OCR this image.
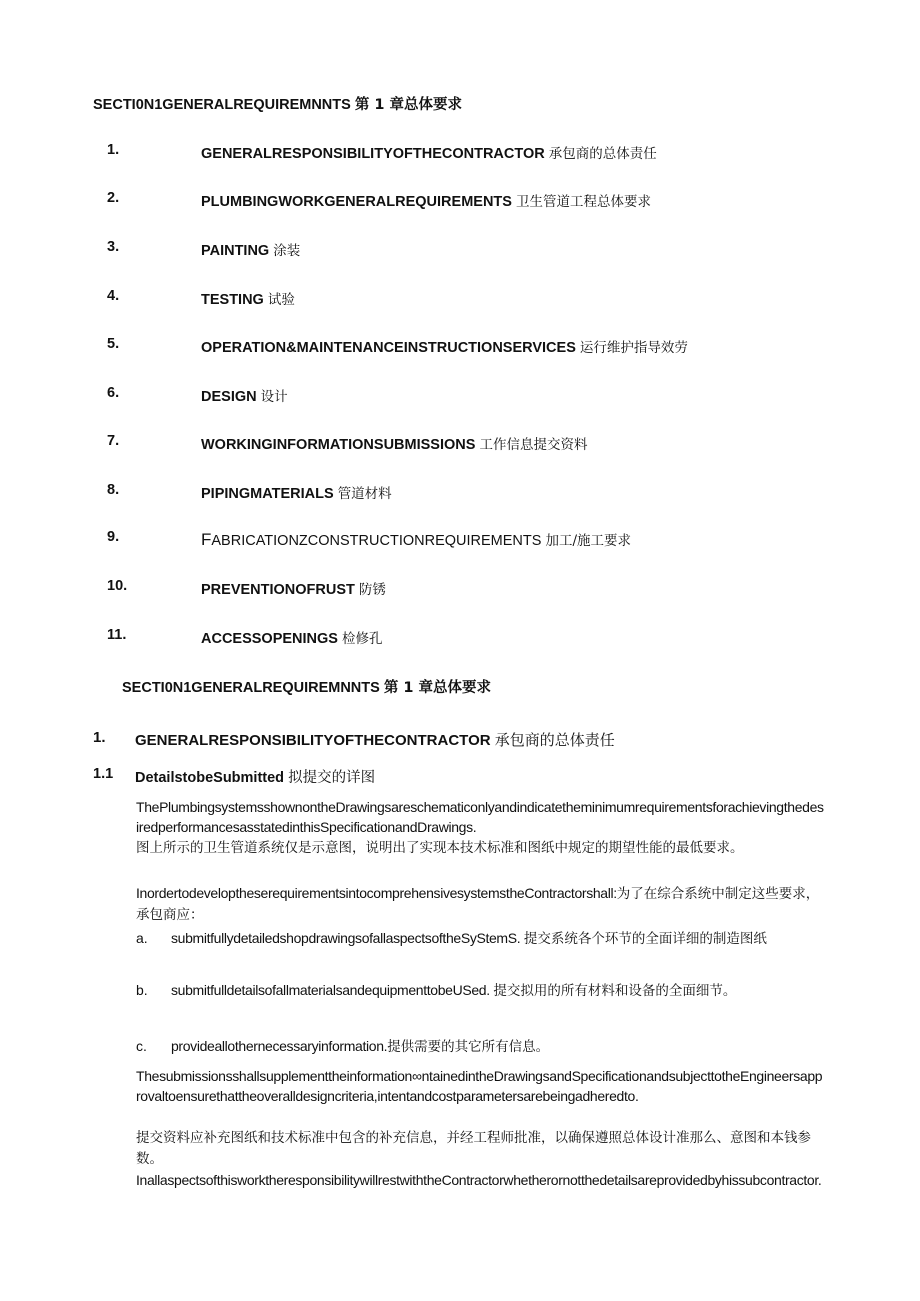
SECTI0N1GENERALREQUIREMNNTS 第 1 章总体要求
1.	GENERALRESPONSIBILITYOFTHECONTRACTOR 承包商的总体责任
2.	PLUMBINGWORKGENERALREQUIREMENTS 卫生管道工程总体要求
3.	PAINTING 涂装
4.	TESTING 试验
5.	OPERATION&MAINTENANCEINSTRUCTIONSERVICES 运行维护指导效劳
6.	DESIGN 设计
7.	WORKINGINFORMATIONSUBMISSIONS 工作信息提交资料
8.	PIPINGMATERIALS 管道材料
9.	FABRICATIONZCONSTRUCTIONREQUIREMENTS 加工/施工要求
10.	PREVENTIONOFRUST 防锈
11.	ACCESSOPENINGS 检修孔
SECTI0N1GENERALREQUIREMNNTS 第 1 章总体要求
1. GENERALRESPONSIBILITYOFTHECONTRACTOR 承包商的总体责任
1.1 DetailstobeSubmitted 拟提交的详图
ThePlumbingsystemsshownontheDrawingsareschematiconlyandindicatetheminimumrequirementsforachievingthedesiredperformancesasstatedinthisSpecificationandDrawings.
图上所示的卫生管道系统仅是示意图，说明出了实现本技术标准和图纸中规定的期望性能的最低要求。
InordertodeveloptheserequirementsintocomprehensivesystemstheContractorshall:为了在综合系统中制定这些要求，承包商应：
a. submitfullydetailedshopdrawingsofallaspectsoftheSyStemS. 提交系统各个环节的全面详细的制造图纸
b. submitfulldetailsofallmaterialsandequipmenttobeUSed. 提交拟用的所有材料和设备的全面细节。
c. provideallothernecessaryinformation.提供需要的其它所有信息。
Thesubmissionsshallsupplementtheinformation∞ntainedintheDrawingsandSpecificationandsubjecttotheEngineersapprovaltoensurethattheoveralldesigncriteria,intentandcostparametersarebeingadheredto.
提交资料应补充图纸和技术标准中包含的补充信息，并经工程师批准，以确保遵照总体设计准那么、意图和本钱参数。
InallaspectsofthisworktheresponsibilitywillrestwiththeContractorwhetherornotthedetailsareprovidedbyhissubcontractor.
